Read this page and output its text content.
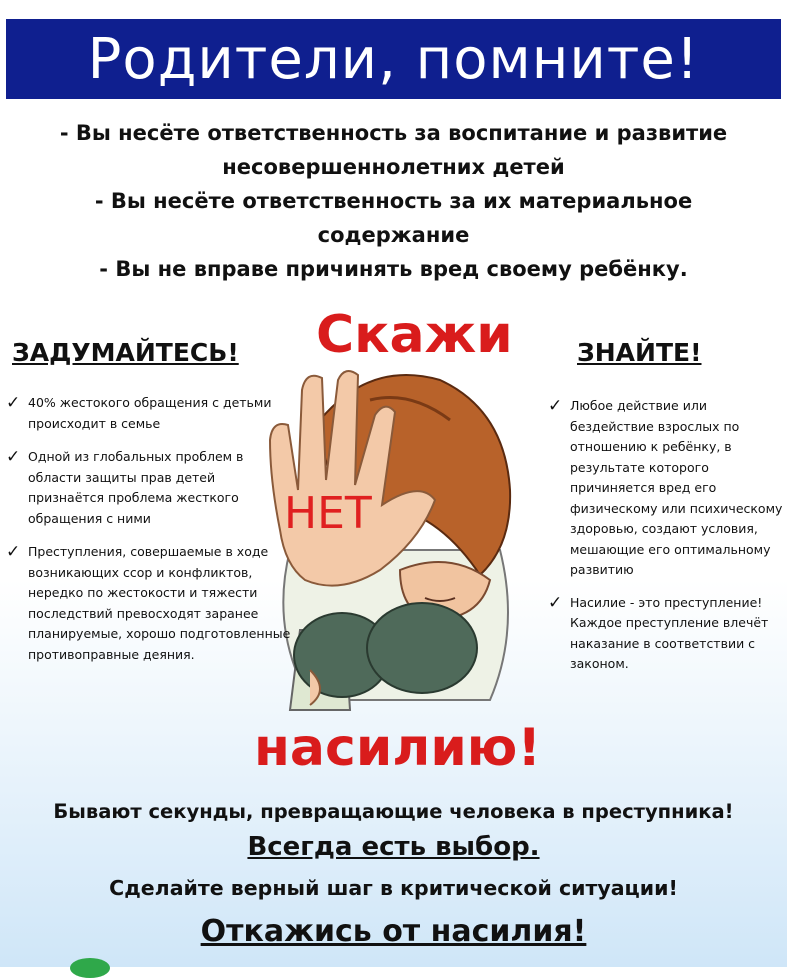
Родители, помните!

- Вы несёте ответственность за воспитание и развитие

несовершеннолетних детей

- Вы несёте ответственность за их материальное

содержание

- Вы не вправе причинять вред своему ребёнку.

ЗАДУМАЙТЕСЬ!	ЗНАЙТЕ!
Скажи
НЕТ
насилию!
✓ 40% жестокого обращения с детьми происходит в семье
✓ Одной из глобальных проблем в области защиты прав детей признаётся проблема жесткого обращения с ними
✓ Преступления, совершаемые в ходе возникающих ссор и конфликтов, нередко по жестокости и тяжести последствий превосходят заранее планируемые, хорошо подготовленные противоправные деяния.
✓ Любое действие или бездействие взрослых по отношению к ребёнку, в результате которого причиняется вред его физическому или психическому здоровью, создают условия, мешающие его оптимальному развитию
✓ Насилие - это преступление! Каждое преступление влечёт наказание в соответствии с законом.
Бывают секунды, превращающие человека в преступника!
Всегда есть выбор.
Сделайте верный шаг в критической ситуации!
Откажись от насилия!
